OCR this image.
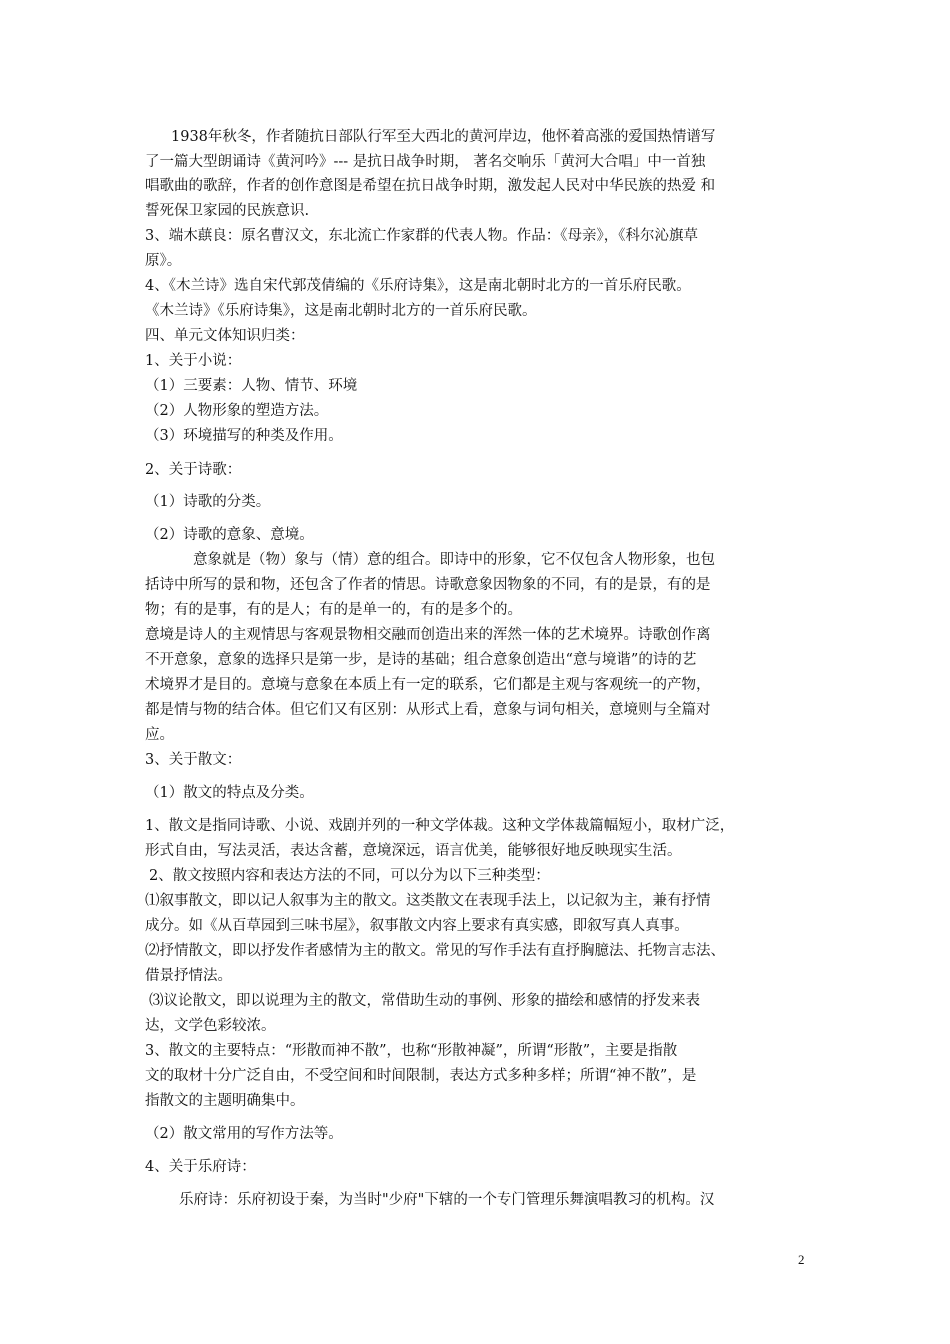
1938年秋冬，作者随抗日部队行军至大西北的黄河岸边，他怀着高涨的爱国热情谱写
了一篇大型朗诵诗《黄河吟》--- 是抗日战争时期， 著名交响乐「黄河大合唱」中一首独
唱歌曲的歌辞，作者的创作意图是希望在抗日战争时期，激发起人民对中华民族的热爱 和
誓死保卫家园的民族意识.
3、端木蕻良：原名曹汉文，东北流亡作家群的代表人物。作品：《母亲》，《科尔沁旗草
原》。
4、《木兰诗》选自宋代郭茂倩编的《乐府诗集》，这是南北朝时北方的一首乐府民歌。
《木兰诗》《乐府诗集》，这是南北朝时北方的一首乐府民歌。
四、单元文体知识归类：
1、关于小说：
（1）三要素：人物、情节、环境
（2）人物形象的塑造方法。
（3）环境描写的种类及作用。
2、关于诗歌：
（1）诗歌的分类。
（2）诗歌的意象、意境。
意象就是（物）象与（情）意的组合。即诗中的形象，它不仅包含人物形象，也包
括诗中所写的景和物，还包含了作者的情思。诗歌意象因物象的不同，有的是景，有的是
物；有的是事，有的是人；有的是单一的，有的是多个的。
意境是诗人的主观情思与客观景物相交融而创造出来的浑然一体的艺术境界。诗歌创作离
不开意象，意象的选择只是第一步，是诗的基础；组合意象创造出“意与境谐”的诗的艺
术境界才是目的。意境与意象在本质上有一定的联系，它们都是主观与客观统一的产物，
都是情与物的结合体。但它们又有区别：从形式上看，意象与词句相关，意境则与全篇对
应。
3、关于散文：
（1）散文的特点及分类。
1、散文是指同诗歌、小说、戏剧并列的一种文学体裁。这种文学体裁篇幅短小，取材广泛，
形式自由，写法灵活，表达含蓄，意境深远，语言优美，能够很好地反映现实生活。
2、散文按照内容和表达方法的不同，可以分为以下三种类型：
⑴叙事散文，即以记人叙事为主的散文。这类散文在表现手法上，以记叙为主，兼有抒情
成分。如《从百草园到三味书屋》，叙事散文内容上要求有真实感，即叙写真人真事。
⑵抒情散文，即以抒发作者感情为主的散文。常见的写作手法有直抒胸臆法、托物言志法、
借景抒情法。
⑶议论散文，即以说理为主的散文，常借助生动的事例、形象的描绘和感情的抒发来表
达，文学色彩较浓。
3、散文的主要特点：“形散而神不散”，也称“形散神凝”，所谓“形散”，主要是指散
文的取材十分广泛自由，不受空间和时间限制，表达方式多种多样；所谓“神不散”，是
指散文的主题明确集中。
（2）散文常用的写作方法等。
4、关于乐府诗：
乐府诗：乐府初设于秦，为当时"少府"下辖的一个专门管理乐舞演唱教习的机构。汉
2
